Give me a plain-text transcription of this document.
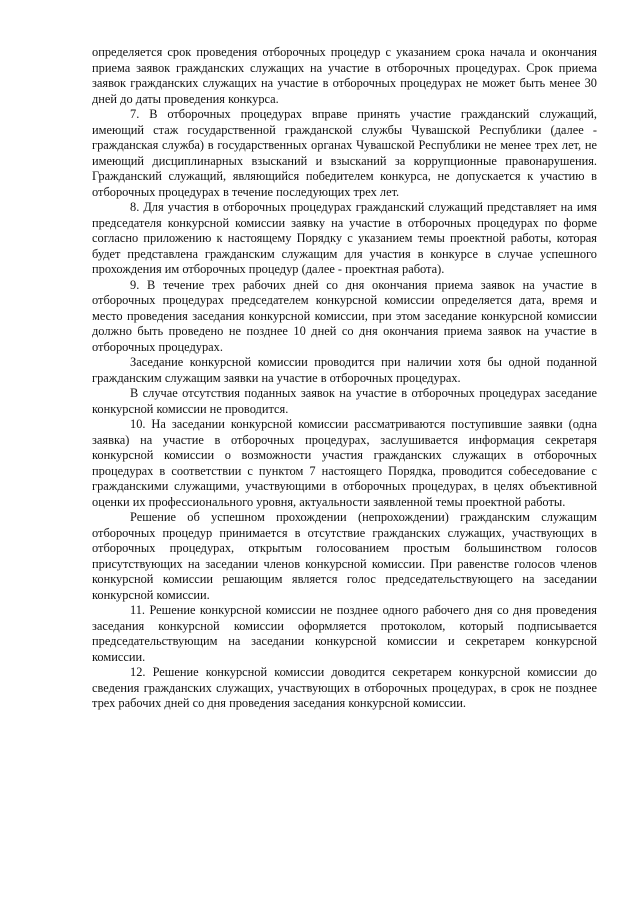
определяется срок проведения отборочных процедур с указанием срока начала и окончания приема заявок гражданских служащих на участие в отборочных процедурах. Срок приема заявок гражданских служащих на участие в отборочных процедурах не может быть менее 30 дней до даты проведения конкурса.

7. В отборочных процедурах вправе принять участие гражданский служащий, имеющий стаж государственной гражданской службы Чувашской Республики (далее - гражданская служба) в государственных органах Чувашской Республики не менее трех лет, не имеющий дисциплинарных взысканий и взысканий за коррупционные правонарушения. Гражданский служащий, являющийся победителем конкурса, не допускается к участию в отборочных процедурах в течение последующих трех лет.

8. Для участия в отборочных процедурах гражданский служащий представляет на имя председателя конкурсной комиссии заявку на участие в отборочных процедурах по форме согласно приложению к настоящему Порядку с указанием темы проектной работы, которая будет представлена гражданским служащим для участия в конкурсе в случае успешного прохождения им отборочных процедур (далее - проектная работа).

9. В течение трех рабочих дней со дня окончания приема заявок на участие в отборочных процедурах председателем конкурсной комиссии определяется дата, время и место проведения заседания конкурсной комиссии, при этом заседание конкурсной комиссии должно быть проведено не позднее 10 дней со дня окончания приема заявок на участие в отборочных процедурах.

Заседание конкурсной комиссии проводится при наличии хотя бы одной поданной гражданским служащим заявки на участие в отборочных процедурах.

В случае отсутствия поданных заявок на участие в отборочных процедурах заседание конкурсной комиссии не проводится.

10. На заседании конкурсной комиссии рассматриваются поступившие заявки (одна заявка) на участие в отборочных процедурах, заслушивается информация секретаря конкурсной комиссии о возможности участия гражданских служащих в отборочных процедурах в соответствии с пунктом 7 настоящего Порядка, проводится собеседование с гражданскими служащими, участвующими в отборочных процедурах, в целях объективной оценки их профессионального уровня, актуальности заявленной темы проектной работы.

Решение об успешном прохождении (непрохождении) гражданским служащим отборочных процедур принимается в отсутствие гражданских служащих, участвующих в отборочных процедурах, открытым голосованием простым большинством голосов присутствующих на заседании членов конкурсной комиссии. При равенстве голосов членов конкурсной комиссии решающим является голос председательствующего на заседании конкурсной комиссии.

11. Решение конкурсной комиссии не позднее одного рабочего дня со дня проведения заседания конкурсной комиссии оформляется протоколом, который подписывается председательствующим на заседании конкурсной комиссии и секретарем конкурсной комиссии.

12. Решение конкурсной комиссии доводится секретарем конкурсной комиссии до сведения гражданских служащих, участвующих в отборочных процедурах, в срок не позднее трех рабочих дней со дня проведения заседания конкурсной комиссии.
